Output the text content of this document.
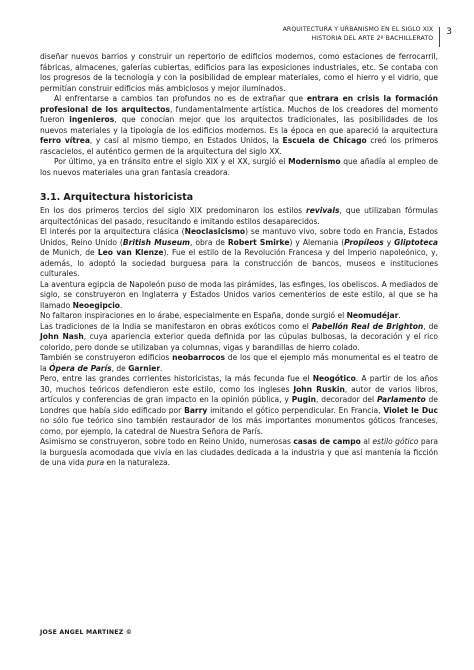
ARQUITECTURA Y URBANISMO EN EL SIGLO XIX
HISTORIA DEL ARTE 2º BACHILLERATO
3

diseñar nuevos barrios y construir un repertorio de edificios modernos, como estaciones de ferrocarril, fábricas, almacenes, galerías cubiertas, edificios para las exposiciones industriales, etc. Se contaba con los progresos de la tecnología y con la posibilidad de emplear materiales, como el hierro y el vidrio, que permitían construir edificios más ambiciosos y mejor iluminados.

Al enfrentarse a cambios tan profundos no es de extrañar que entrara en crisis la formación profesional de los arquitectos, fundamentalmente artística. Muchos de los creadores del momento fueron ingenieros, que conocían mejor que los arquitectos tradicionales, las posibilidades de los nuevos materiales y la tipología de los edificios modernos. Es la época en que apareció la arquitectura ferro vítrea, y casi al mismo tiempo, en Estados Unidos, la Escuela de Chicago creó los primeros rascacielos, el auténtico germen de la arquitectura del siglo XX.

Por último, ya en tránsito entre el siglo XIX y el XX, surgió el Modernismo que añadía al empleo de los nuevos materiales una gran fantasía creadora.

3.1. Arquitectura historicista

En los dos primeros tercios del siglo XIX predominaron los estilos revivals, que utilizaban fórmulas arquitectónicas del pasado, resucitando e imitando estilos desaparecidos.

El interés por la arquitectura clásica (Neoclasicismo) se mantuvo vivo, sobre todo en Francia, Estados Unidos, Reino Unido (British Museum, obra de Robert Smirke) y Alemania (Propíleos y Gliptoteca de Munich, de Leo van Klenze). Fue el estilo de la Revolución Francesa y del Imperio napoleónico, y, además, lo adoptó la sociedad burguesa para la construcción de bancos, museos e instituciones culturales.

La aventura egipcia de Napoleón puso de moda las pirámides, las esfinges, los obeliscos. A mediados de siglo, se construyeron en Inglaterra y Estados Unidos varios cementerios de este estilo, al que se ha llamado Neoegipcio.

No faltaron inspiraciones en lo árabe, especialmente en España, donde surgió el Neomudéjar.

Las tradiciones de la India se manifestaron en obras exóticos como el Pabellón Real de Brighton, de John Nash, cuya apariencia exterior queda definida por las cúpulas bulbosas, la decoración y el rico colorido, pero donde se utilizaban ya columnas, vigas y barandillas de hierro colado.

También se construyeron edificios neobarrocos de los que el ejemplo más monumental es el teatro de la Ópera de París, de Garnier.

Pero, entre las grandes corrientes historicistas, la más fecunda fue el Neogótico. A partir de los años 30, muchos teóricos defendieron este estilo, como los ingleses John Ruskin, autor de varios libros, artículos y conferencias de gran impacto en la opinión pública, y Pugin, decorador del Parlamento de Londres que había sido edificado por Barry imitando el gótico perpendicular. En Francia, Violet le Duc no sólo fue teórico sino también restaurador de los más importantes monumentos góticos franceses, como, por ejemplo, la catedral de Nuestra Señora de París.

Asimismo se construyeron, sobre todo en Reino Unido, numerosas casas de campo al estilo gótico para la burguesía acomodada que vivía en las ciudades dedicada a la industria y que así mantenía la ficción de una vida pura en la naturaleza.

JOSE ANGEL MARTINEZ ©
